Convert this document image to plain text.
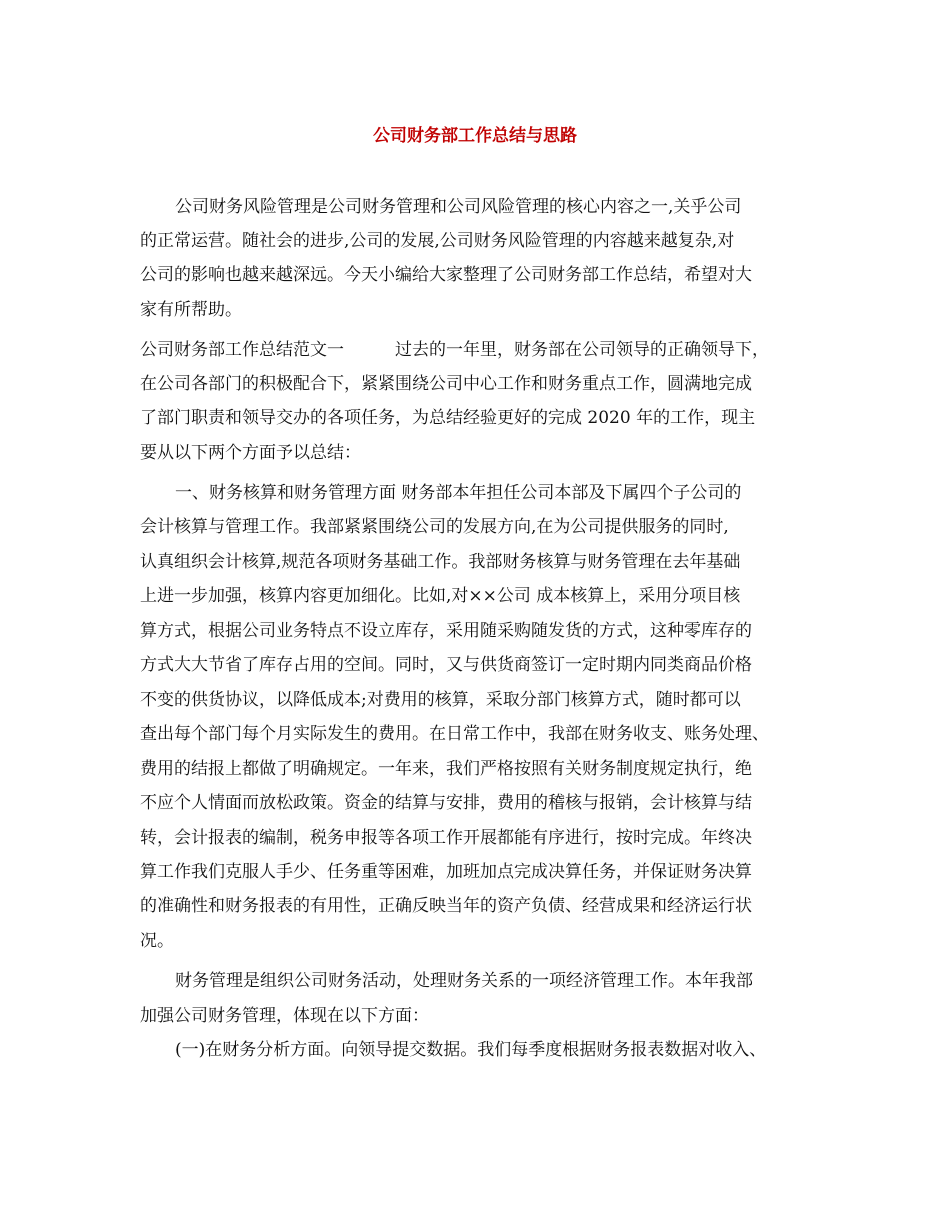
公司财务部工作总结与思路
公司财务风险管理是公司财务管理和公司风险管理的核心内容之一,关乎公司
的正常运营。随社会的进步,公司的发展,公司财务风险管理的内容越来越复杂,对
公司的影响也越来越深远。今天小编给大家整理了公司财务部工作总结，希望对大
家有所帮助。
公司财务部工作总结范文一　　　过去的一年里，财务部在公司领导的正确领导下，
在公司各部门的积极配合下，紧紧围绕公司中心工作和财务重点工作，圆满地完成
了部门职责和领导交办的各项任务，为总结经验更好的完成 2020 年的工作，现主
要从以下两个方面予以总结：
一、财务核算和财务管理方面 财务部本年担任公司本部及下属四个子公司的
会计核算与管理工作。我部紧紧围绕公司的发展方向,在为公司提供服务的同时,
认真组织会计核算,规范各项财务基础工作。我部财务核算与财务管理在去年基础
上进一步加强，核算内容更加细化。比如,对××公司 成本核算上，采用分项目核
算方式，根据公司业务特点不设立库存，采用随采购随发货的方式，这种零库存的
方式大大节省了库存占用的空间。同时，又与供货商签订一定时期内同类商品价格
不变的供货协议，以降低成本;对费用的核算，采取分部门核算方式，随时都可以
查出每个部门每个月实际发生的费用。在日常工作中，我部在财务收支、账务处理、
费用的结报上都做了明确规定。一年来，我们严格按照有关财务制度规定执行，绝
不应个人情面而放松政策。资金的结算与安排，费用的稽核与报销，会计核算与结
转，会计报表的编制，税务申报等各项工作开展都能有序进行，按时完成。年终决
算工作我们克服人手少、任务重等困难，加班加点完成决算任务，并保证财务决算
的准确性和财务报表的有用性，正确反映当年的资产负债、经营成果和经济运行状
况。
财务管理是组织公司财务活动，处理财务关系的一项经济管理工作。本年我部
加强公司财务管理，体现在以下方面：
(一)在财务分析方面。向领导提交数据。我们每季度根据财务报表数据对收入、
